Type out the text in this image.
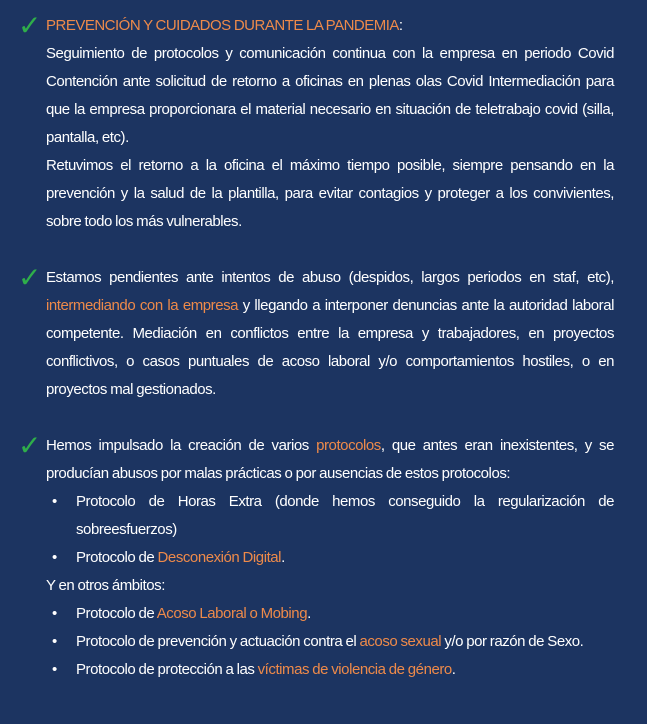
✓ PREVENCIÓN Y CUIDADOS DURANTE LA PANDEMIA:

Seguimiento de protocolos y comunicación continua con la empresa en periodo Covid Contención ante solicitud de retorno a oficinas en plenas olas Covid Intermediación para que la empresa proporcionara el material necesario en situación de teletrabajo covid (silla, pantalla, etc).

Retuvimos el retorno a la oficina el máximo tiempo posible, siempre pensando en la prevención y la salud de la plantilla, para evitar contagios y proteger a los convivientes, sobre todo los más vulnerables.

✓ Estamos pendientes ante intentos de abuso (despidos, largos periodos en staf, etc), intermediando con la empresa y llegando a interponer denuncias ante la autoridad laboral competente. Mediación en conflictos entre la empresa y trabajadores, en proyectos conflictivos, o casos puntuales de acoso laboral y/o comportamientos hostiles, o en proyectos mal gestionados.

✓ Hemos impulsado la creación de varios protocolos, que antes eran inexistentes, y se producían abusos por malas prácticas o por ausencias de estos protocolos:

• Protocolo de Horas Extra (donde hemos conseguido la regularización de sobreesfuerzos)
• Protocolo de Desconexión Digital.

Y en otros ámbitos:

• Protocolo de Acoso Laboral o Mobing.
• Protocolo de prevención y actuación contra el acoso sexual y/o por razón de Sexo.
• Protocolo de protección a las víctimas de violencia de género.
